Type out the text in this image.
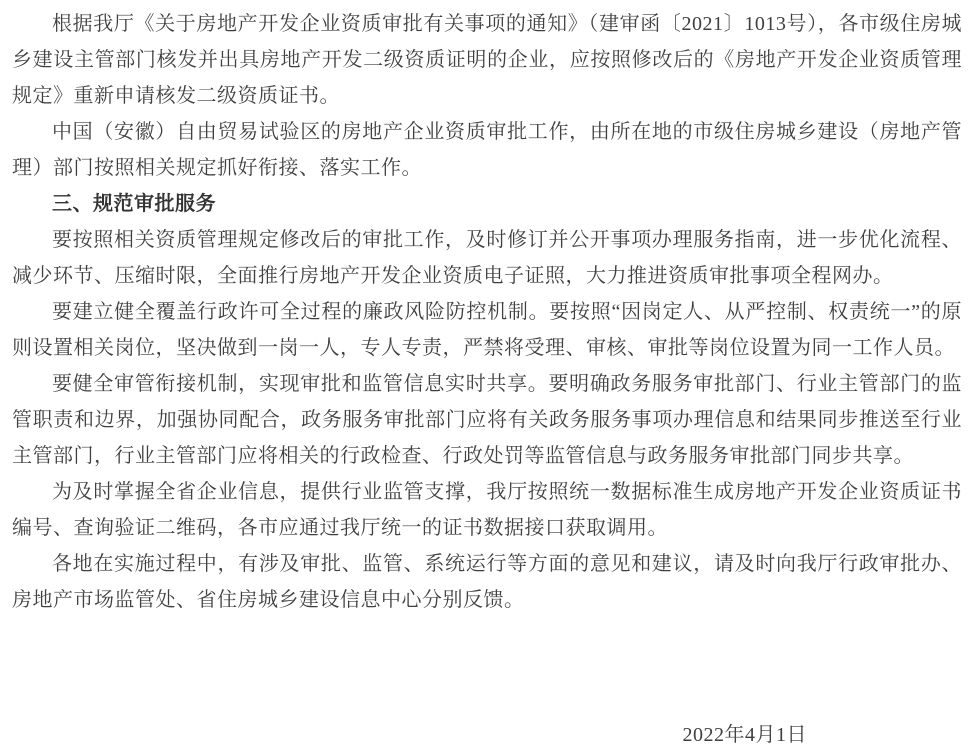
根据我厅《关于房地产开发企业资质审批有关事项的通知》（建审函〔2021〕1013号），各市级住房城乡建设主管部门核发并出具房地产开发二级资质证明的企业，应按照修改后的《房地产开发企业资质管理规定》重新申请核发二级资质证书。

中国（安徽）自由贸易试验区的房地产企业资质审批工作，由所在地的市级住房城乡建设（房地产管理）部门按照相关规定抓好衔接、落实工作。

三、规范审批服务

要按照相关资质管理规定修改后的审批工作，及时修订并公开事项办理服务指南，进一步优化流程、减少环节、压缩时限，全面推行房地产开发企业资质电子证照，大力推进资质审批事项全程网办。

要建立健全覆盖行政许可全过程的廉政风险防控机制。要按照“因岗定人、从严控制、权责统一”的原则设置相关岗位，坚决做到一岗一人，专人专责，严禁将受理、审核、审批等岗位设置为同一工作人员。

要健全审管衔接机制，实现审批和监管信息实时共享。要明确政务服务审批部门、行业主管部门的监管职责和边界，加强协同配合，政务服务审批部门应将有关政务服务事项办理信息和结果同步推送至行业主管部门，行业主管部门应将相关的行政检查、行政处罚等监管信息与政务服务审批部门同步共享。

为及时掌握全省企业信息，提供行业监管支撑，我厅按照统一数据标准生成房地产开发企业资质证书编号、查询验证二维码，各市应通过我厅统一的证书数据接口获取调用。

各地在实施过程中，有涉及审批、监管、系统运行等方面的意见和建议，请及时向我厅行政审批办、房地产市场监管处、省住房城乡建设信息中心分别反馈。

2022年4月1日
